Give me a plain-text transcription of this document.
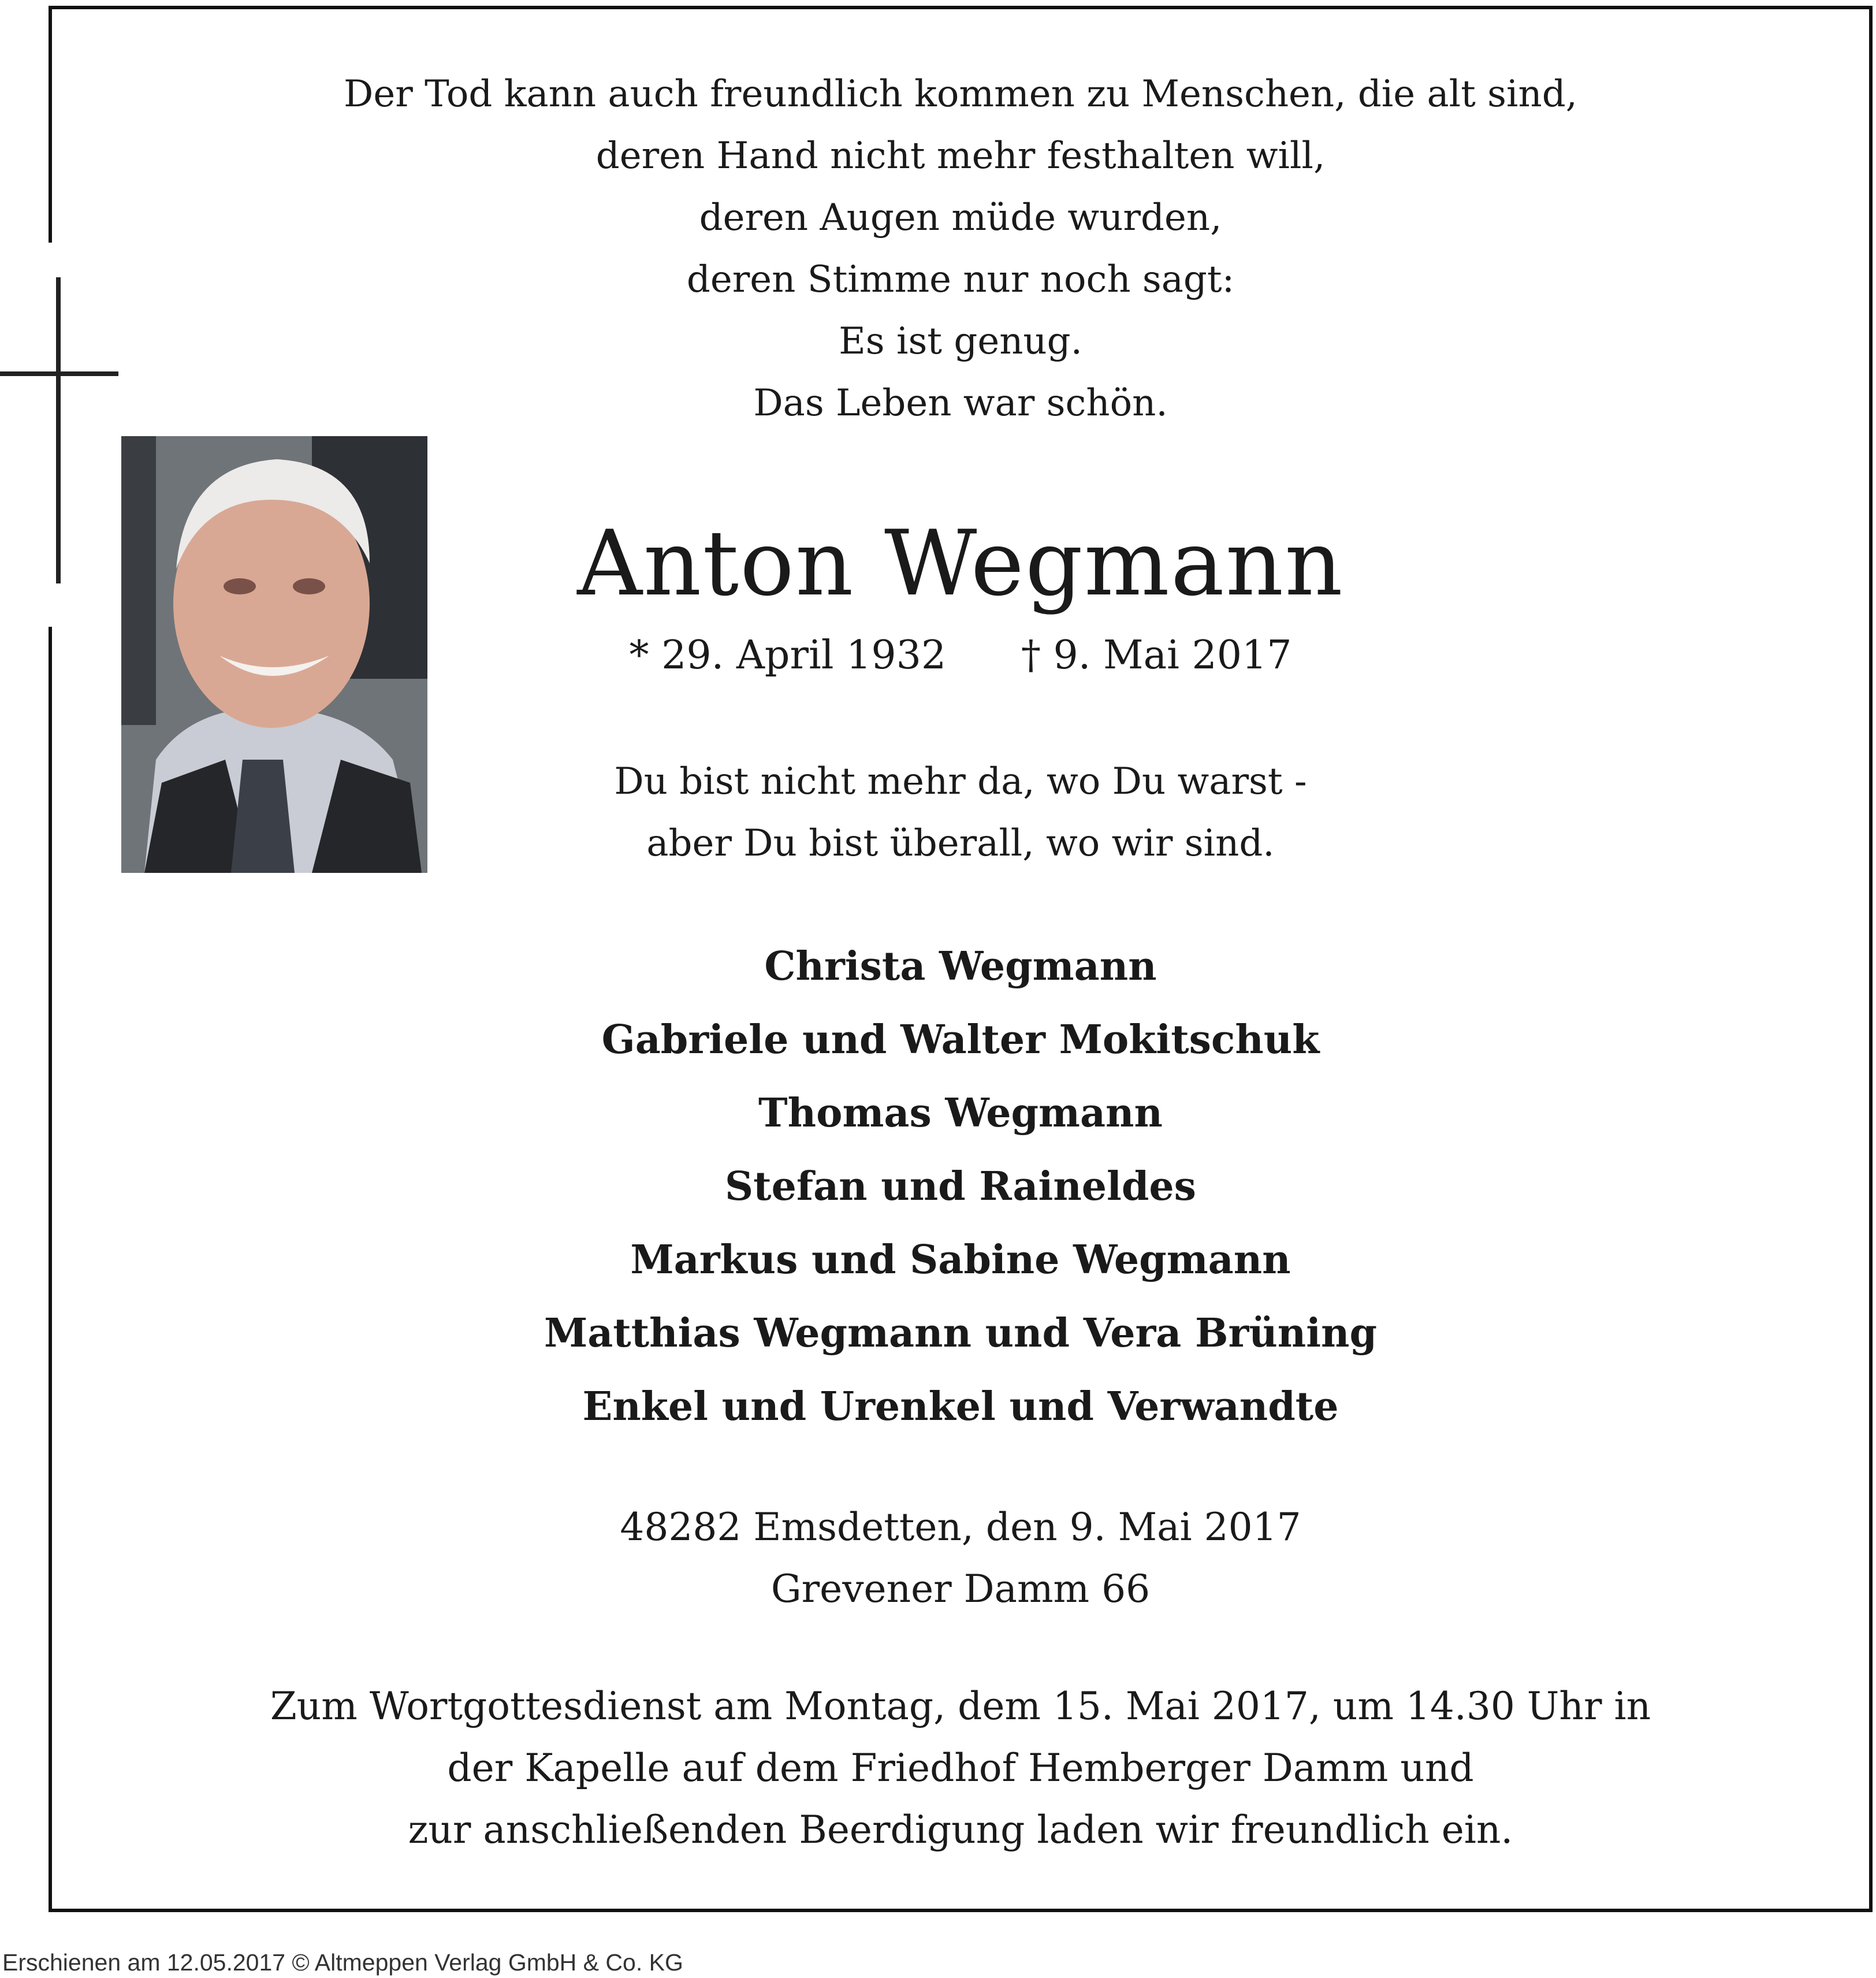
Der Tod kann auch freundlich kommen zu Menschen, die alt sind,
deren Hand nicht mehr festhalten will,
deren Augen müde wurden,
deren Stimme nur noch sagt:
Es ist genug.
Das Leben war schön.
Anton Wegmann
* 29. April 1932 † 9. Mai 2017
Du bist nicht mehr da, wo Du warst -
aber Du bist überall, wo wir sind.
Christa Wegmann
Gabriele und Walter Mokitschuk
Thomas Wegmann
Stefan und Raineldes
Markus und Sabine Wegmann
Matthias Wegmann und Vera Brüning
Enkel und Urenkel und Verwandte
48282 Emsdetten, den 9. Mai 2017
Grevener Damm 66
Zum Wortgottesdienst am Montag, dem 15. Mai 2017, um 14.30 Uhr in
der Kapelle auf dem Friedhof Hemberger Damm und
zur anschließenden Beerdigung laden wir freundlich ein.
Erschienen am 12.05.2017 © Altmeppen Verlag GmbH & Co. KG
